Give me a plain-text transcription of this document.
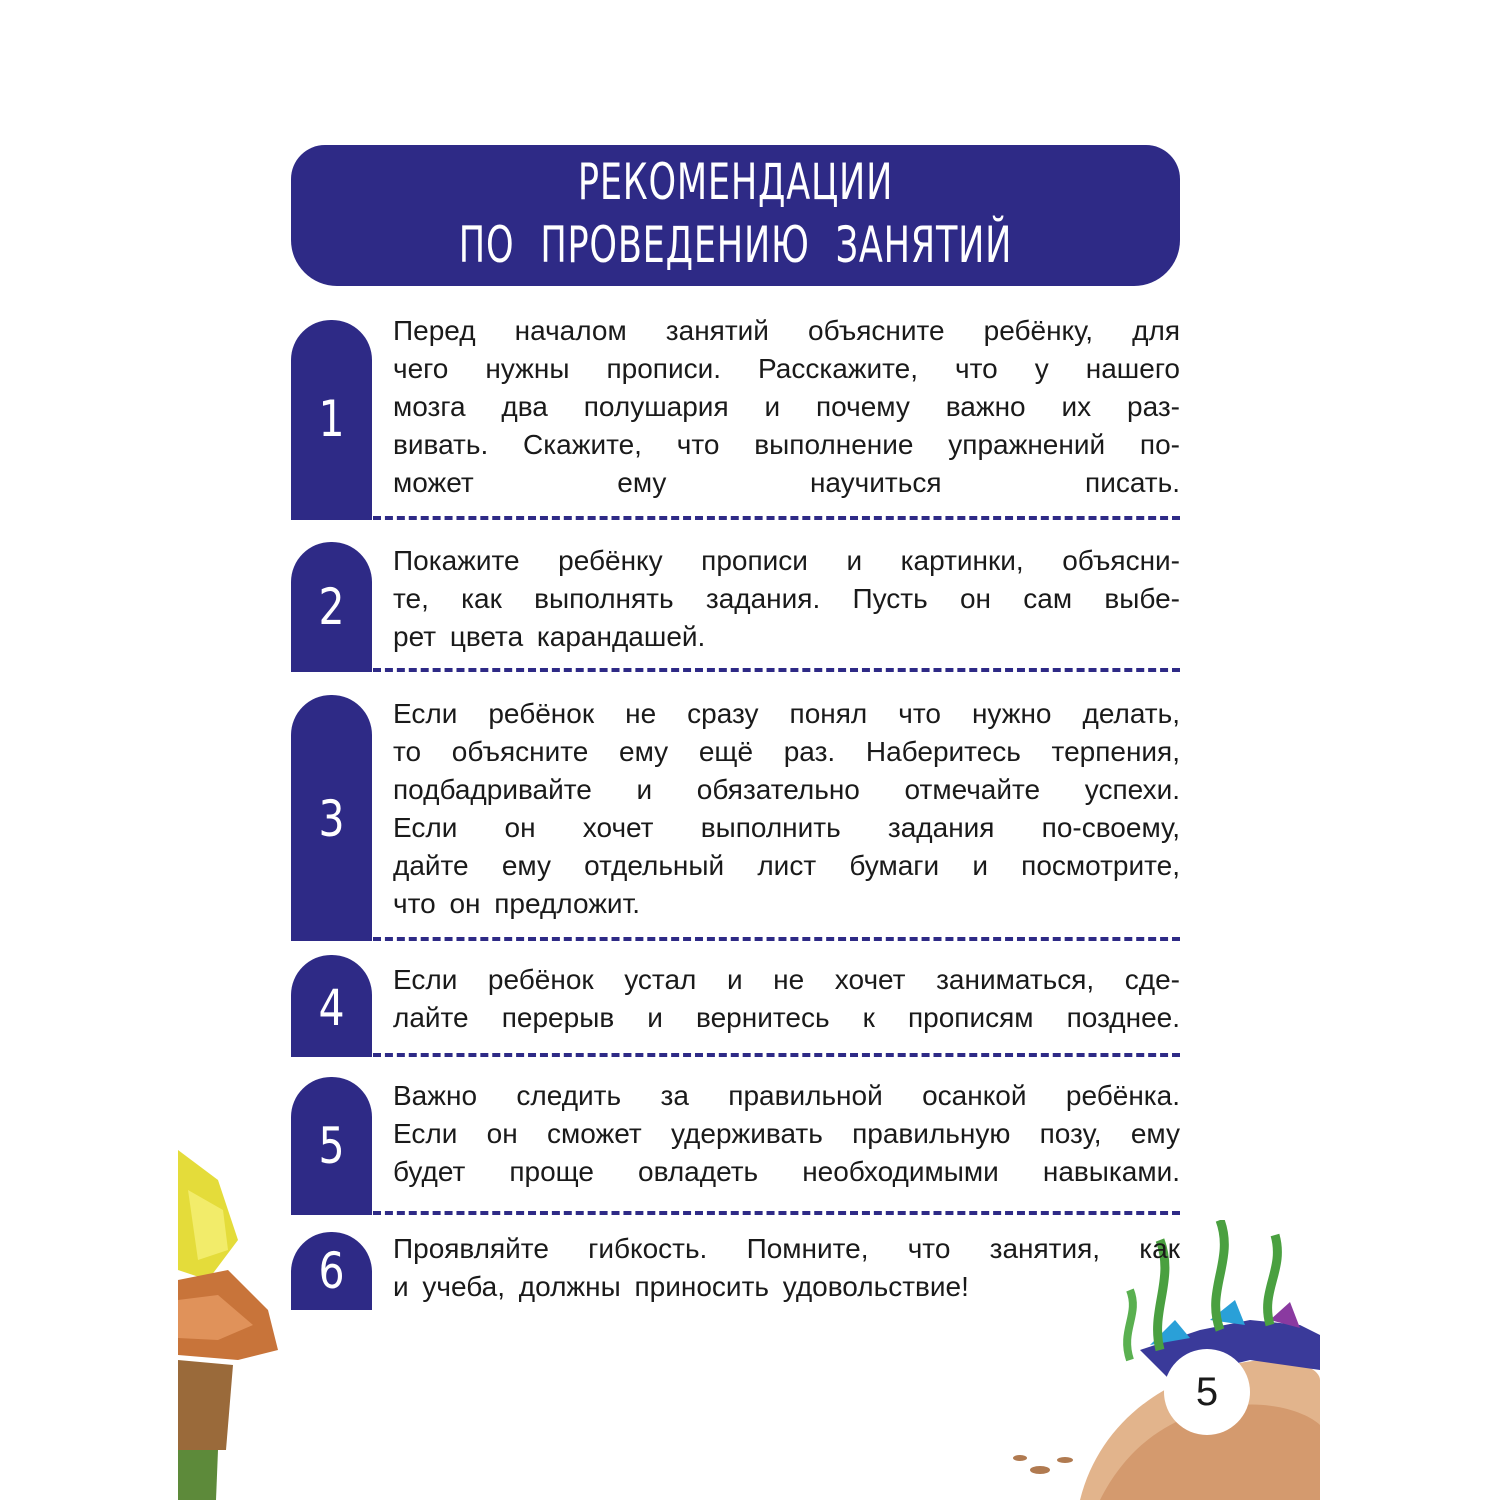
РЕКОМЕНДАЦИИ
ПО ПРОВЕДЕНИЮ ЗАНЯТИЙ
1
Перед началом занятий объясните ребёнку, для
чего нужны прописи. Расскажите, что у нашего
мозга два полушария и почему важно их раз-
вивать. Скажите, что выполнение упражнений по-
может ему научиться писать.
2
Покажите ребёнку прописи и картинки, объясни-
те, как выполнять задания. Пусть он сам выбе-
рет цвета карандашей.
3
Если ребёнок не сразу понял что нужно делать,
то объясните ему ещё раз. Наберитесь терпения,
подбадривайте и обязательно отмечайте успехи.
Если он хочет выполнить задания по-своему,
дайте ему отдельный лист бумаги и посмотрите,
что он предложит.
4	Если ребёнок устал и не хочет заниматься, сде-
лайте перерыв и вернитесь к прописям позднее.
5
Важно следить за правильной осанкой ребёнка.
Если он сможет удерживать правильную позу, ему
будет проще овладеть необходимыми навыками.
6	Проявляйте гибкость. Помните, что занятия, как
и учеба, должны приносить удовольствие!
5
